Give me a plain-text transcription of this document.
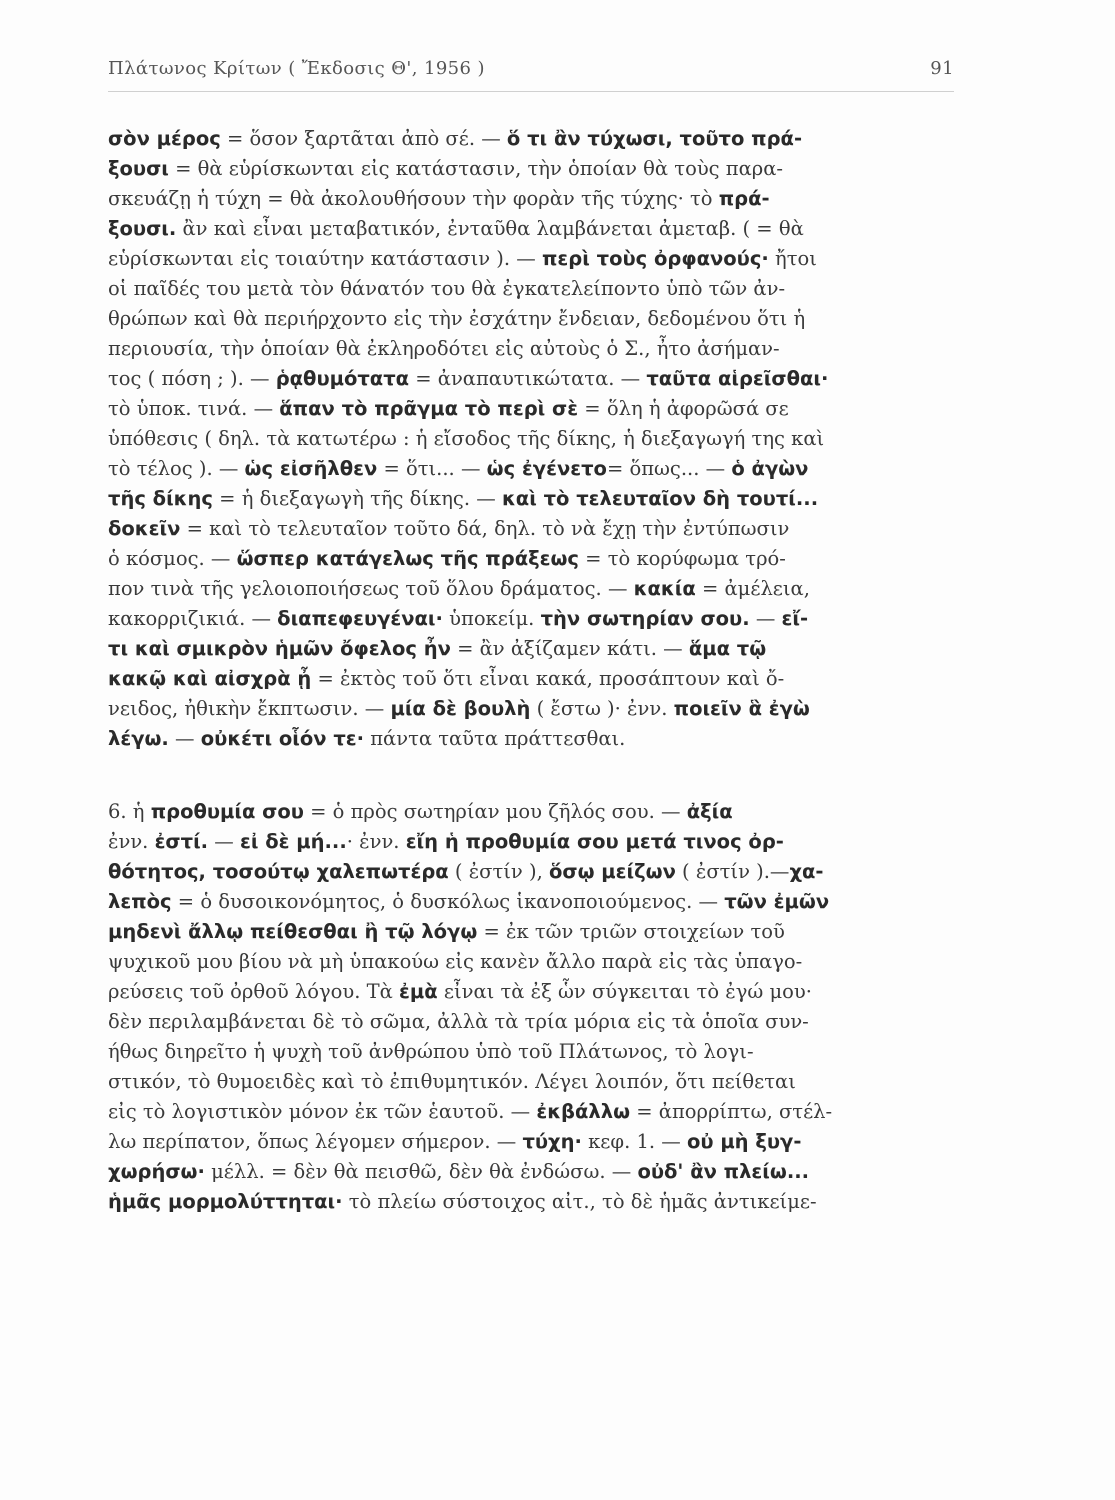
Πλάτωνος Κρίτων ( Ἔκδοσις Θ', 1956 )	91
σὸν μέρος = ὅσον ξαρτᾶται ἀπὸ σέ. — ὅ τι ἂν τύχωσι, τοῦτο πρά-
ξουσι = θὰ εὑρίσκωνται εἰς κατάστασιν, τὴν ὁποίαν θὰ τοὺς παρα-
σκευάζῃ ἡ τύχη = θὰ ἀκολουθήσουν τὴν φορὰν τῆς τύχης· τὸ πρά-
ξουσι. ἂν καὶ εἶναι μεταβατικόν, ἐνταῦθα λαμβάνεται ἀμεταβ. ( = θὰ
εὑρίσκωνται εἰς τοιαύτην κατάστασιν ). — περὶ τοὺς ὀρφανούς· ἤτοι
οἱ παῖδές του μετὰ τὸν θάνατόν του θὰ ἐγκατελείποντο ὑπὸ τῶν ἀν-
θρώπων καὶ θὰ περιήρχοντο εἰς τὴν ἐσχάτην ἔνδειαν, δεδομένου ὅτι ἡ
περιουσία, τὴν ὁποίαν θὰ ἐκληροδότει εἰς αὐτοὺς ὁ Σ., ἦτο ἀσήμαν-
τος ( πόση ; ). — ῥᾳθυμότατα = ἀναπαυτικώτατα. — ταῦτα αἱρεῖσθαι·
τὸ ὑποκ. τινά. — ἅπαν τὸ πρᾶγμα τὸ περὶ σὲ = ὅλη ἡ ἀφορῶσά σε
ὑπόθεσις ( δηλ. τὰ κατωτέρω : ἡ εἴσοδος τῆς δίκης, ἡ διεξαγωγή της καὶ
τὸ τέλος ). — ὡς εἰσῆλθεν = ὅτι... — ὡς ἐγένετο= ὅπως... — ὁ ἀγὼν
τῆς δίκης = ἡ διεξαγωγὴ τῆς δίκης. — καὶ τὸ τελευταῖον δὴ τουτί...
δοκεῖν = καὶ τὸ τελευταῖον τοῦτο δά, δηλ. τὸ νὰ ἔχῃ τὴν ἐντύπωσιν
ὁ κόσμος. — ὥσπερ κατάγελως τῆς πράξεως = τὸ κορύφωμα τρό-
πον τινὰ τῆς γελοιοποιήσεως τοῦ ὅλου δράματος. — κακία = ἀμέλεια,
κακορριζικιά. — διαπεφευγέναι· ὑποκείμ. τὴν σωτηρίαν σου. — εἴ-
τι καὶ σμικρὸν ἡμῶν ὄφελος ἦν = ἂν ἀξίζαμεν κάτι. — ἅμα τῷ
κακῷ καὶ αἰσχρὰ ᾖ = ἐκτὸς τοῦ ὅτι εἶναι κακά, προσάπτουν καὶ ὄ-
νειδος, ἠθικὴν ἔκπτωσιν. — μία δὲ βουλὴ ( ἔστω )· ἐνν. ποιεῖν ἃ ἐγὼ
λέγω. — οὐκέτι οἷόν τε· πάντα ταῦτα πράττεσθαι.
6. ἡ προθυμία σου = ὁ πρὸς σωτηρίαν μου ζῆλός σου. — ἀξία
ἐνν. ἐστί. — εἰ δὲ μή...· ἐνν. εἴη ἡ προθυμία σου μετά τινος ὀρ-
θότητος, τοσούτῳ χαλεπωτέρα ( ἐστίν ), ὅσῳ μείζων ( ἐστίν ).—χα-
λεπὸς = ὁ δυσοικονόμητος, ὁ δυσκόλως ἱκανοποιούμενος. — τῶν ἐμῶν
μηδενὶ ἄλλῳ πείθεσθαι ἢ τῷ λόγῳ = ἐκ τῶν τριῶν στοιχείων τοῦ
ψυχικοῦ μου βίου νὰ μὴ ὑπακούω εἰς κανὲν ἄλλο παρὰ εἰς τὰς ὑπαγο-
ρεύσεις τοῦ ὀρθοῦ λόγου. Τὰ ἐμὰ εἶναι τὰ ἐξ ὧν σύγκειται τὸ ἐγώ μου·
δὲν περιλαμβάνεται δὲ τὸ σῶμα, ἀλλὰ τὰ τρία μόρια εἰς τὰ ὁποῖα συν-
ήθως διηρεῖτο ἡ ψυχὴ τοῦ ἀνθρώπου ὑπὸ τοῦ Πλάτωνος, τὸ λογι-
στικόν, τὸ θυμοειδὲς καὶ τὸ ἐπιθυμητικόν. Λέγει λοιπόν, ὅτι πείθεται
εἰς τὸ λογιστικὸν μόνον ἐκ τῶν ἑαυτοῦ. — ἐκβάλλω = ἀπορρίπτω, στέλ-
λω περίπατον, ὅπως λέγομεν σήμερον. — τύχη· κεφ. 1. — οὐ μὴ ξυγ-
χωρήσω· μέλλ. = δὲν θὰ πεισθῶ, δὲν θὰ ἐνδώσω. — οὐδ' ἂν πλείω...
ἡμᾶς μορμολύττηται· τὸ πλείω σύστοιχος αἰτ., τὸ δὲ ἡμᾶς ἀντικείμε-
